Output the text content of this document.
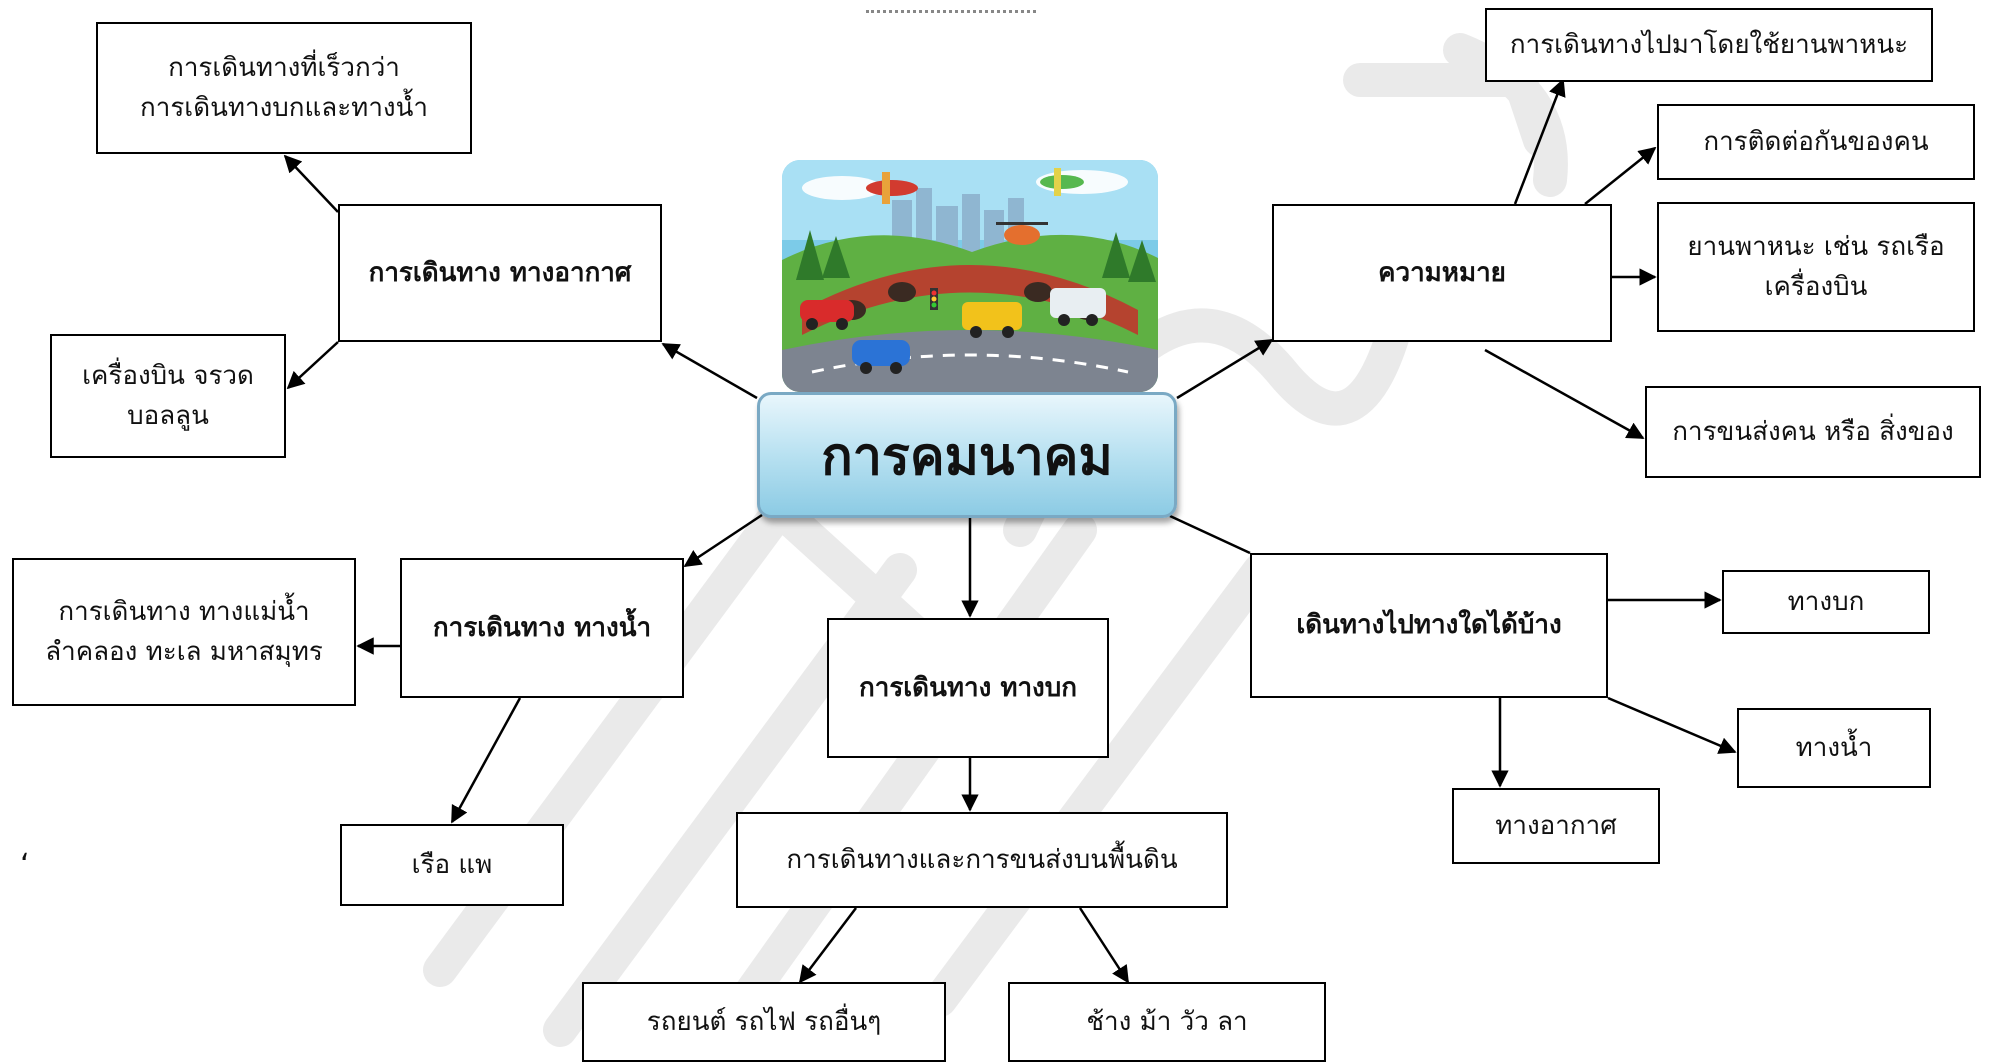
การคมนาคม
การเดินทาง ทางอากาศ
การเดินทางที่เร็วกว่า
การเดินทางบกและทางน้ำ
เครื่องบิน จรวด
บอลลูน
การเดินทาง ทางน้ำ
การเดินทาง ทางแม่น้ำ
ลำคลอง ทะเล มหาสมุทร
เรือ แพ
การเดินทาง ทางบก
การเดินทางและการขนส่งบนพื้นดิน
รถยนต์ รถไฟ รถอื่นๆ	ช้าง ม้า วัว ลา
ความหมาย
การเดินทางไปมาโดยใช้ยานพาหนะ
การติดต่อกันของคน
ยานพาหนะ เช่น รถเรือ
เครื่องบิน
การขนส่งคน หรือ สิ่งของ
เดินทางไปทางใดได้บ้าง
ทางบก
ทางน้ำ
ทางอากาศ
‘
